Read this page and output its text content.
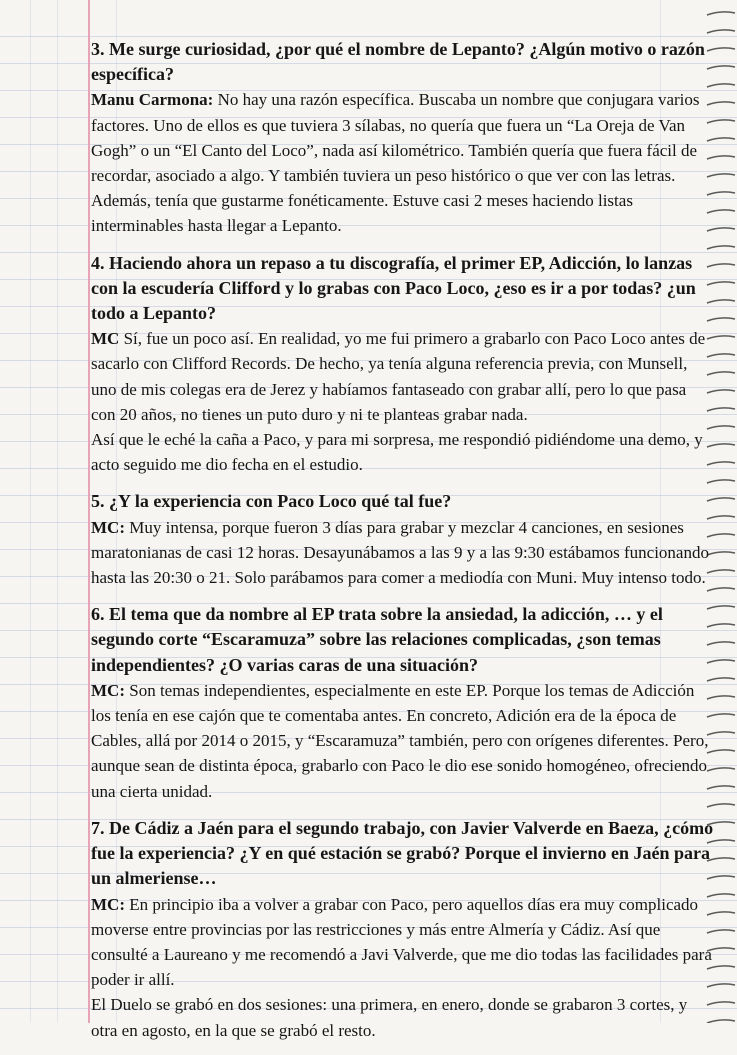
3. Me surge curiosidad, ¿por qué el nombre de Lepanto? ¿Algún motivo o razón específica?
Manu Carmona: No hay una razón específica. Buscaba un nombre que conjugara varios factores. Uno de ellos es que tuviera 3 sílabas, no quería que fuera un “La Oreja de Van Gogh” o un “El Canto del Loco”, nada así kilométrico. También quería que fuera fácil de recordar, asociado a algo. Y también tuviera un peso histórico o que ver con las letras. Además, tenía que gustarme fonéticamente. Estuve casi 2 meses haciendo listas interminables hasta llegar a Lepanto.
4. Haciendo ahora un repaso a tu discografía, el primer EP, Adicción, lo lanzas con la escudería Clifford y lo grabas con Paco Loco, ¿eso es ir a por todas? ¿un todo a Lepanto?
MC Sí, fue un poco así. En realidad, yo me fui primero a grabarlo con Paco Loco antes de sacarlo con Clifford Records. De hecho, ya tenía alguna referencia previa, con Munsell, uno de mis colegas era de Jerez y habíamos fantaseado con grabar allí, pero lo que pasa con 20 años, no tienes un puto duro y ni te planteas grabar nada.
Así que le eché la caña a Paco, y para mi sorpresa, me respondió pidiéndome una demo, y acto seguido me dio fecha en el estudio.
5. ¿Y la experiencia con Paco Loco qué tal fue?
MC: Muy intensa, porque fueron 3 días para grabar y mezclar 4 canciones, en sesiones maratonianas de casi 12 horas. Desayunábamos a las 9 y a las 9:30 estábamos funcionando hasta las 20:30 o 21. Solo parábamos para comer a mediodía con Muni. Muy intenso todo.
6. El tema que da nombre al EP trata sobre la ansiedad, la adicción, … y el segundo corte “Escaramuza” sobre las relaciones complicadas, ¿son temas independientes? ¿O varias caras de una situación?
MC: Son temas independientes, especialmente en este EP. Porque los temas de Adicción los tenía en ese cajón que te comentaba antes. En concreto, Adición era de la época de Cables, allá por 2014 o 2015, y “Escaramuza” también, pero con orígenes diferentes. Pero, aunque sean de distinta época, grabarlo con Paco le dio ese sonido homogéneo, ofreciendo una cierta unidad.
7. De Cádiz a Jaén para el segundo trabajo, con Javier Valverde en Baeza, ¿cómo fue la experiencia? ¿Y en qué estación se grabó? Porque el invierno en Jaén para un almeriense…
MC: En principio iba a volver a grabar con Paco, pero aquellos días era muy complicado moverse entre provincias por las restricciones y más entre Almería y Cádiz. Así que consulté a Laureano y me recomendó a Javi Valverde, que me dio todas las facilidades para poder ir allí.
El Duelo se grabó en dos sesiones: una primera, en enero, donde se grabaron 3 cortes, y otra en agosto, en la que se grabó el resto.
